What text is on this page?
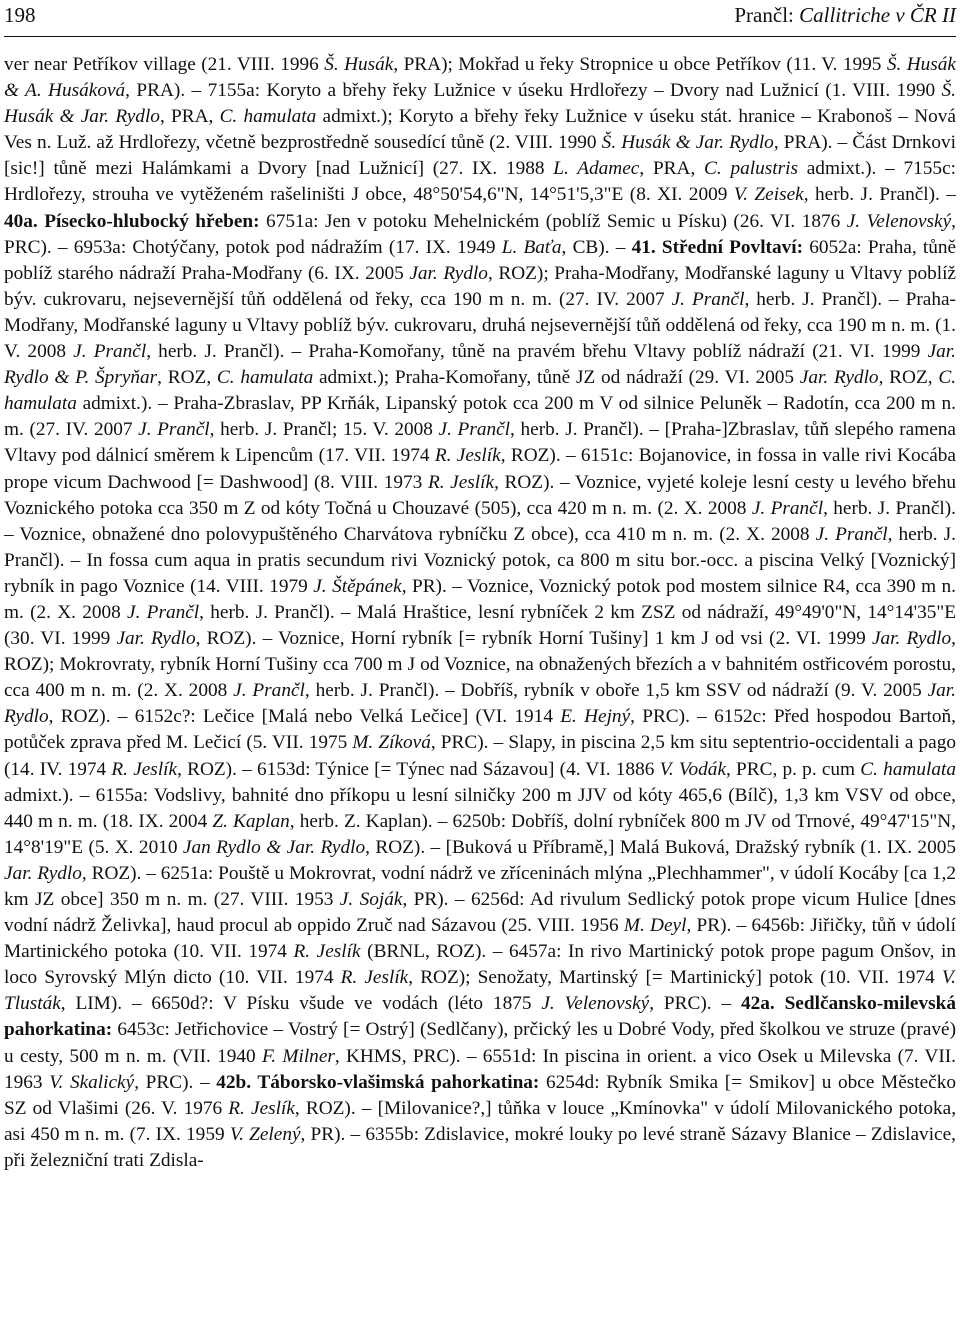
198	Prančl: Callitriche v ČR II

ver near Petříkov village (21. VIII. 1996 Š. Husák, PRA); Mokřad u řeky Stropnice u obce Petříkov (11. V. 1995 Š. Husák & A. Husáková, PRA). – 7155a: Koryto a břehy řeky Lužnice v úseku Hrdlořezy – Dvory nad Lužnicí (1. VIII. 1990 Š. Husák & Jar. Rydlo, PRA, C. hamulata admixt.); Koryto a břehy řeky Lužnice v úseku stát. hranice – Krabonoš – Nová Ves n. Luž. až Hrdlořezy, včetně bezprostředně sousedící tůně (2. VIII. 1990 Š. Husák & Jar. Rydlo, PRA). – Část Drnkovi [sic!] tůně mezi Halámkami a Dvory [nad Lužnicí] (27. IX. 1988 L. Adamec, PRA, C. palustris admixt.). – 7155c: Hrdlořezy, strouha ve vytěženém rašeliništi J obce, 48°50'54,6"N, 14°51'5,3"E (8. XI. 2009 V. Zeisek, herb. J. Prančl). – 40a. Písecko-hlubocký hřeben: 6751a: Jen v potoku Mehelnickém (poblíž Semic u Písku) (26. VI. 1876 J. Velenovský, PRC). – 6953a: Chotýčany, potok pod nádražím (17. IX. 1949 L. Baťa, CB). – 41. Střední Povltaví: 6052a: Praha, tůně poblíž starého nádraží Praha-Modřany (6. IX. 2005 Jar. Rydlo, ROZ); Praha-Modřany, Modřanské laguny u Vltavy poblíž býv. cukrovaru, nejsevernější tůň oddělená od řeky, cca 190 m n. m. (27. IV. 2007 J. Prančl, herb. J. Prančl). – Praha-Modřany, Modřanské laguny u Vltavy poblíž býv. cukrovaru, druhá nejsevernější tůň oddělená od řeky, cca 190 m n. m. (1. V. 2008 J. Prančl, herb. J. Prančl). – Praha-Komořany, tůně na pravém břehu Vltavy poblíž nádraží (21. VI. 1999 Jar. Rydlo & P. Špryňar, ROZ, C. hamulata admixt.); Praha-Komořany, tůně JZ od nádraží (29. VI. 2005 Jar. Rydlo, ROZ, C. hamulata admixt.). – Praha-Zbraslav, PP Krňák, Lipanský potok cca 200 m V od silnice Peluněk – Radotín, cca 200 m n. m. (27. IV. 2007 J. Prančl, herb. J. Prančl; 15. V. 2008 J. Prančl, herb. J. Prančl). – [Praha-]Zbraslav, tůň slepého ramena Vltavy pod dálnicí směrem k Lipencům (17. VII. 1974 R. Jeslík, ROZ). – 6151c: Bojanovice, in fossa in valle rivi Kocába prope vicum Dachwood [= Dashwood] (8. VIII. 1973 R. Jeslík, ROZ). – Voznice, vyjeté koleje lesní cesty u levého břehu Voznického potoka cca 350 m Z od kóty Točná u Chouzavé (505), cca 420 m n. m. (2. X. 2008 J. Prančl, herb. J. Prančl). – Voznice, obnažené dno polovypuštěného Charvátova rybníčku Z obce), cca 410 m n. m. (2. X. 2008 J. Prančl, herb. J. Prančl). – In fossa cum aqua in pratis secundum rivi Voznický potok, ca 800 m situ bor.-occ. a piscina Velký [Voznický] rybník in pago Voznice (14. VIII. 1979 J. Štěpánek, PR). – Voznice, Voznický potok pod mostem silnice R4, cca 390 m n. m. (2. X. 2008 J. Prančl, herb. J. Prančl). – Malá Hraštice, lesní rybníček 2 km ZSZ od nádraží, 49°49'0"N, 14°14'35"E (30. VI. 1999 Jar. Rydlo, ROZ). – Voznice, Horní rybník [= rybník Horní Tušiny] 1 km J od vsi (2. VI. 1999 Jar. Rydlo, ROZ); Mokrovraty, rybník Horní Tušiny cca 700 m J od Voznice, na obnažených březích a v bahnitém ostřicovém porostu, cca 400 m n. m. (2. X. 2008 J. Prančl, herb. J. Prančl). – Dobříš, rybník v obořе 1,5 km SSV od nádraží (9. V. 2005 Jar. Rydlo, ROZ). – 6152c?: Lečice [Malá nebo Velká Lečice] (VI. 1914 E. Hejný, PRC). – 6152c: Před hospodou Bartoň, potůček zprava před M. Lečicí (5. VII. 1975 M. Zíková, PRC). – Slapy, in piscina 2,5 km situ septentrio-occidentali a pago (14. IV. 1974 R. Jeslík, ROZ). – 6153d: Týnice [= Týnec nad Sázavou] (4. VI. 1886 V. Vodák, PRC, p. p. cum C. hamulata admixt.). – 6155a: Vodslivy, bahnité dno příkopu u lesní silničky 200 m JJV od kóty 465,6 (Bílč), 1,3 km VSV od obce, 440 m n. m. (18. IX. 2004 Z. Kaplan, herb. Z. Kaplan). – 6250b: Dobříš, dolní rybníček 800 m JV od Trnové, 49°47'15"N, 14°8'19"E (5. X. 2010 Jan Rydlo & Jar. Rydlo, ROZ). – [Buková u Příbramě,] Malá Buková, Dražský rybník (1. IX. 2005 Jar. Rydlo, ROZ). – 6251a: Pouště u Mokrovrat, vodní nádrž ve zříceninách mlýna „Plechhammer", v údolí Kocáby [ca 1,2 km JZ obce] 350 m n. m. (27. VIII. 1953 J. Soják, PR). – 6256d: Ad rivulum Sedlický potok prope vicum Hulice [dnes vodní nádrž Želivka], haud procul ab oppido Zruč nad Sázavou (25. VIII. 1956 M. Deyl, PR). – 6456b: Jiřičky, tůň v údolí Martinického potoka (10. VII. 1974 R. Jeslík (BRNL, ROZ). – 6457a: In rivo Martinický potok prope pagum Onšov, in loco Syrovský Mlýn dicto (10. VII. 1974 R. Jeslík, ROZ); Senožaty, Martinský [= Martinický] potok (10. VII. 1974 V. Tlusták, LIM). – 6650d?: V Písku všude ve vodách (léto 1875 J. Velenovský, PRC). – 42a. Sedlčansko-milevská pahorkatina: 6453c: Jetřichovice – Vostrý [= Ostrý] (Sedlčany), prčický les u Dobré Vody, před školkou ve struze (pravé) u cesty, 500 m n. m. (VII. 1940 F. Milner, KHMS, PRC). – 6551d: In piscina in orient. a vico Osek u Milevska (7. VII. 1963 V. Skalický, PRC). – 42b. Táborsko-vlašimská pahorkatina: 6254d: Rybník Smika [= Smikov] u obce Městečko SZ od Vlašimi (26. V. 1976 R. Jeslík, ROZ). – [Milovanice?,] tůňka v louce „Kmínovka" v údolí Milovanického potoka, asi 450 m n. m. (7. IX. 1959 V. Zelený, PR). – 6355b: Zdislavice, mokré louky po levé straně Sázavy Blanice – Zdislavice, při železniční trati Zdisla-
